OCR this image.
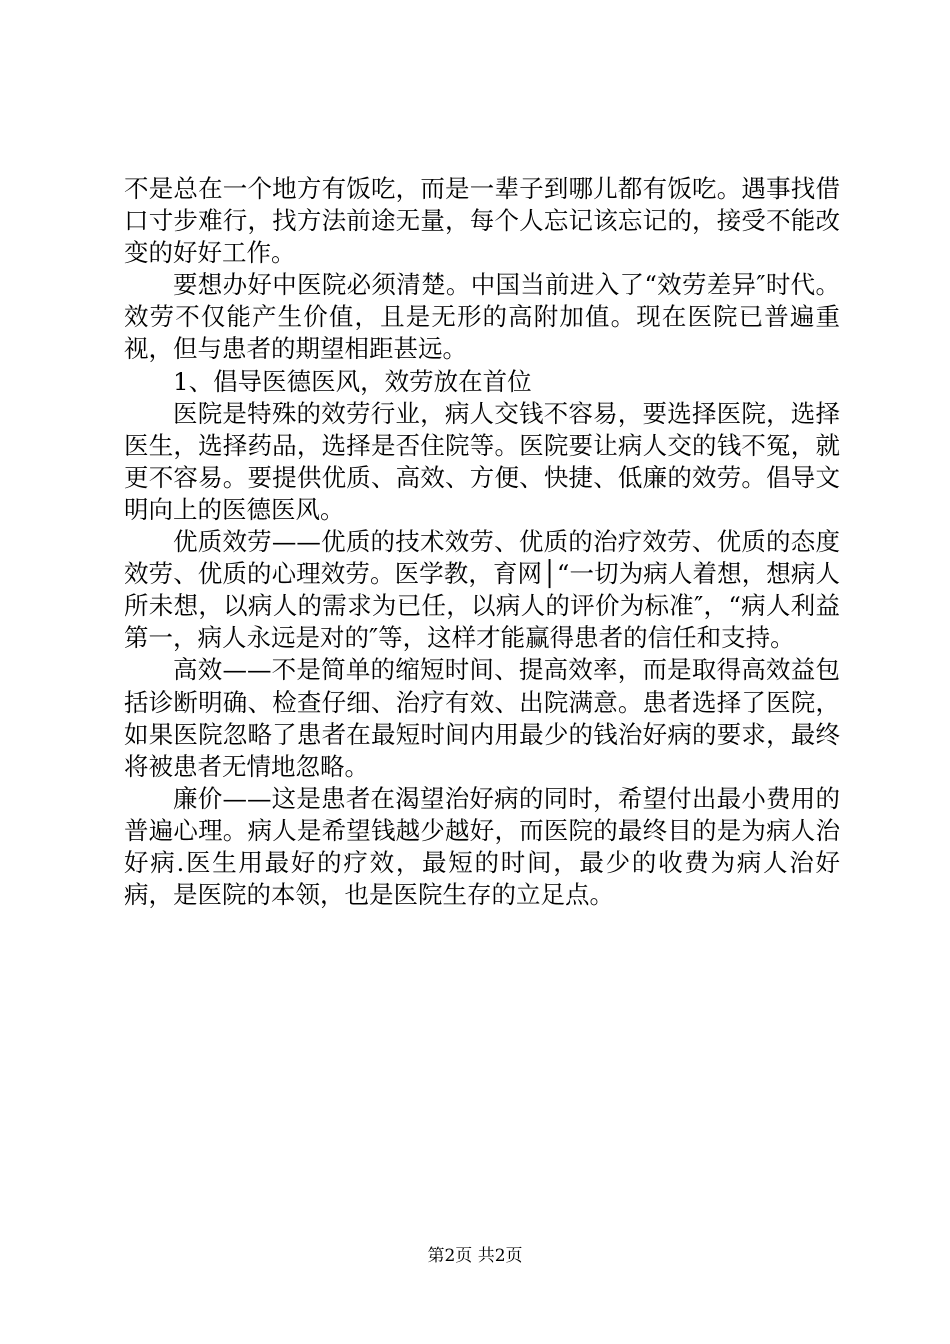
不是总在一个地方有饭吃，而是一辈子到哪儿都有饭吃。遇事找借口寸步难行，找方法前途无量，每个人忘记该忘记的，接受不能改变的好好工作。

要想办好中医院必须清楚。中国当前进入了“效劳差异″时代。效劳不仅能产生价值，且是无形的高附加值。现在医院已普遍重视，但与患者的期望相距甚远。

1、倡导医德医风，效劳放在首位

医院是特殊的效劳行业，病人交钱不容易，要选择医院，选择医生，选择药品，选择是否住院等。医院要让病人交的钱不冤，就更不容易。要提供优质、高效、方便、快捷、低廉的效劳。倡导文明向上的医德医风。

优质效劳——优质的技术效劳、优质的治疗效劳、优质的态度效劳、优质的心理效劳。医学教，育网│“一切为病人着想，想病人所未想，以病人的需求为已任，以病人的评价为标准″，“病人利益第一，病人永远是对的″等，这样才能赢得患者的信任和支持。

高效——不是简单的缩短时间、提高效率，而是取得高效益包括诊断明确、检查仔细、治疗有效、出院满意。患者选择了医院，如果医院忽略了患者在最短时间内用最少的钱治好病的要求，最终将被患者无情地忽略。

廉价——这是患者在渴望治好病的同时，希望付出最小费用的普遍心理。病人是希望钱越少越好，而医院的最终目的是为病人治好病.医生用最好的疗效，最短的时间，最少的收费为病人治好病，是医院的本领，也是医院生存的立足点。

第2页 共2页
